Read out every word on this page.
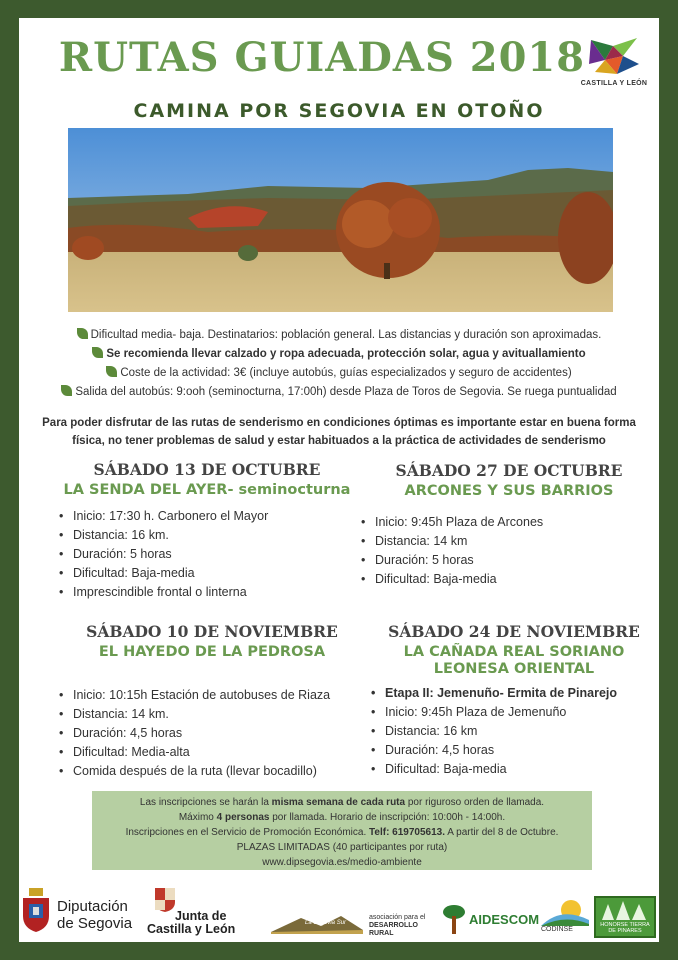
RUTAS GUIADAS 2018
CASTILLA Y LEÓN
CAMINA POR SEGOVIA EN OTOÑO
Dificultad media- baja. Destinatarios: población general. Las distancias y duración son aproximadas.
Se recomienda llevar calzado y ropa adecuada, protección solar, agua y avituallamiento
Coste de la actividad: 3€ (incluye autobús, guías especializados y seguro de accidentes)
Salida del autobús: 9:ooh (seminocturna, 17:00h) desde Plaza de Toros de Segovia. Se ruega puntualidad
Para poder disfrutar de las rutas de senderismo en condiciones óptimas es importante estar en buena forma física, no tener problemas de salud y estar habituados a la práctica de actividades de senderismo
SÁBADO 13 DE OCTUBRE
LA SENDA DEL AYER- seminocturna
• Inicio: 17:30 h. Carbonero el Mayor
• Distancia: 16 km.
• Duración: 5 horas
• Dificultad: Baja-media
• Imprescindible frontal o linterna
SÁBADO 27 DE OCTUBRE
ARCONES Y SUS BARRIOS
• Inicio: 9:45h Plaza de Arcones
• Distancia: 14 km
• Duración: 5 horas
• Dificultad: Baja-media
SÁBADO 10 DE NOVIEMBRE
EL HAYEDO DE LA PEDROSA
• Inicio: 10:15h Estación de autobuses de Riaza
• Distancia: 14 km.
• Duración: 4,5 horas
• Dificultad: Media-alta
• Comida después de la ruta (llevar bocadillo)
SÁBADO 24 DE NOVIEMBRE
LA CAÑADA REAL SORIANO
LEONESA ORIENTAL
• Etapa II: Jemenuño- Ermita de Pinarejo
• Inicio: 9:45h Plaza de Jemenuño
• Distancia: 16 km
• Duración: 4,5 horas
• Dificultad: Baja-media
Las inscripciones se harán la misma semana de cada ruta por riguroso orden de llamada.
Máximo 4 personas por llamada. Horario de inscripción: 10:00h - 14:00h.
Inscripciones en el Servicio de Promoción Económica. Telf: 619705613. A partir del 8 de Octubre.
PLAZAS LIMITADAS (40 participantes por ruta)
www.dipsegovia.es/medio-ambiente
Diputación
de Segovia	Junta de
Castilla y León	La Segovia Sur
asociación para el
DESARROLLO RURAL
AIDESCOM
CODINSE
HONORSE TIERRA DE PINARES
